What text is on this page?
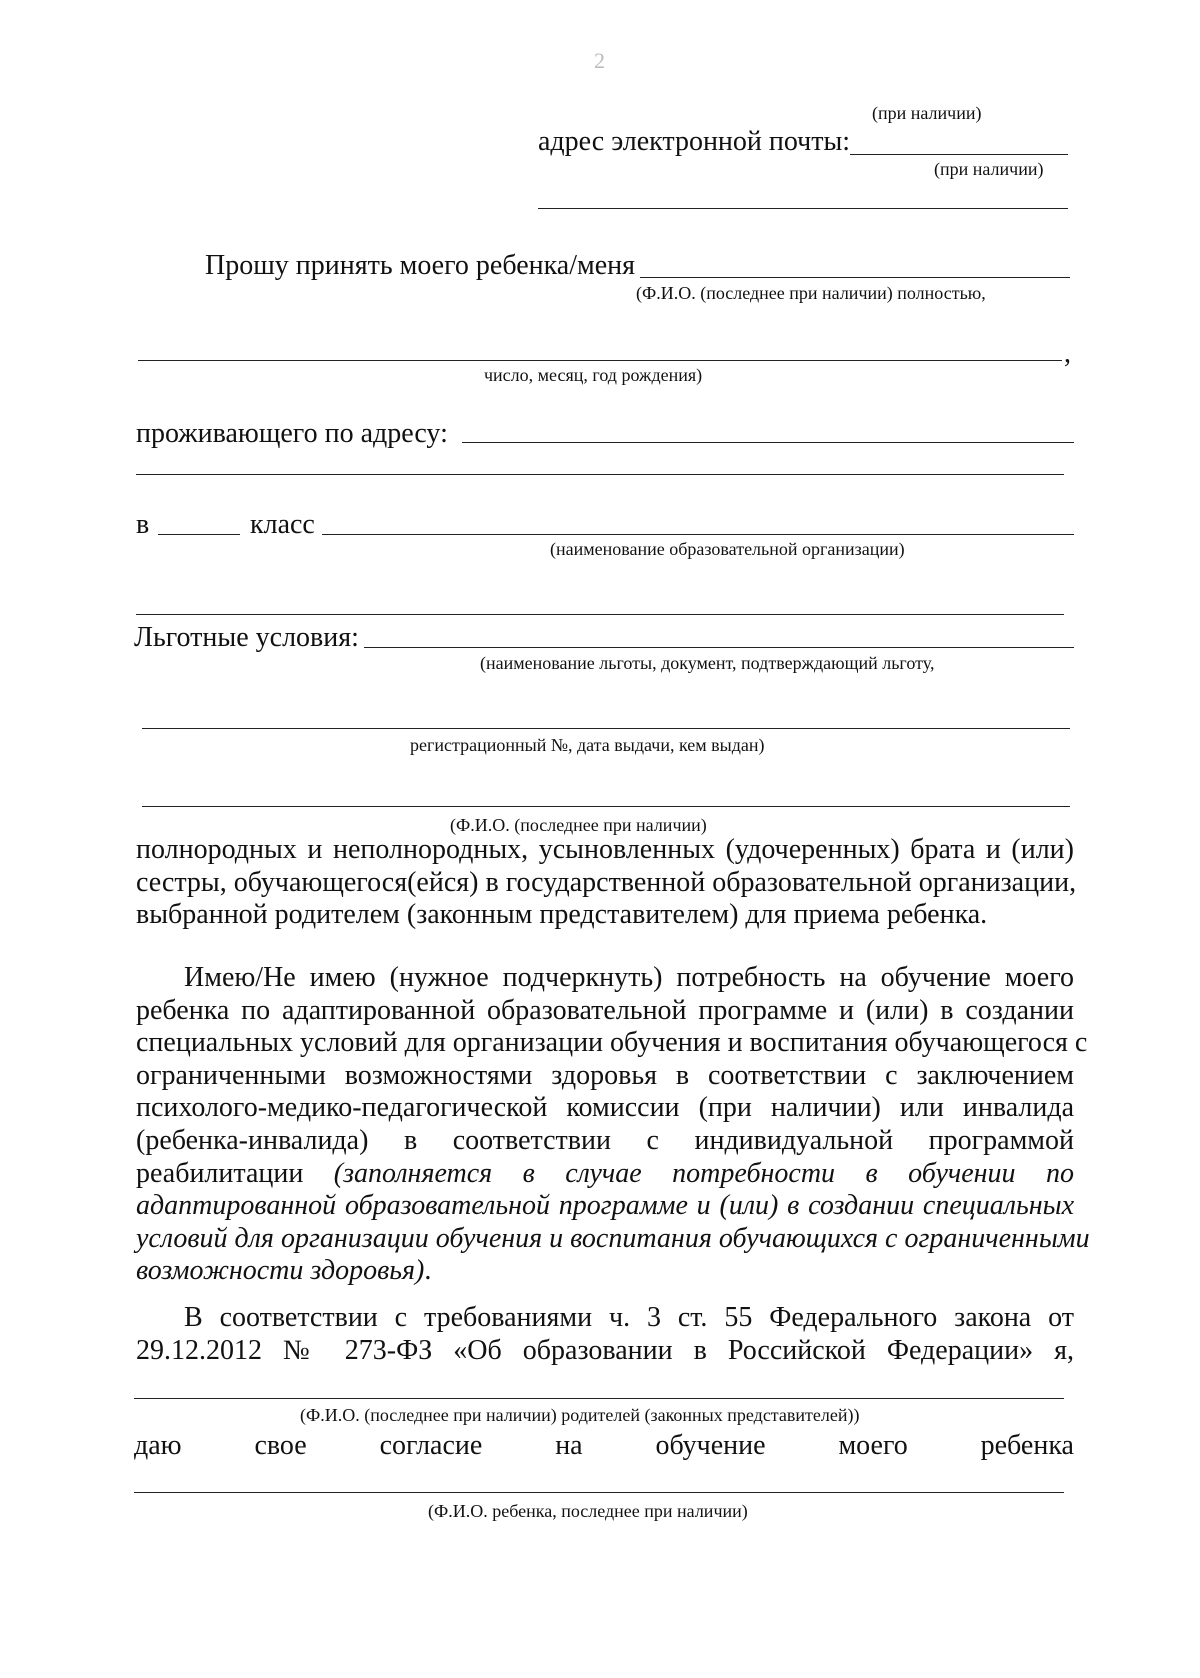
2
(при наличии)
адрес электронной почты:
(при наличии)
Прошу принять моего ребенка/меня
(Ф.И.О. (последнее при наличии) полностью,
,
число, месяц, год рождения)
проживающего по адресу:
в	класс
(наименование образовательной организации)
Льготные условия:
(наименование льготы, документ, подтверждающий льготу,
регистрационный №, дата выдачи, кем выдан)
(Ф.И.О. (последнее при наличии)
полнородных и неполнородных, усыновленных (удочеренных) брата и (или)
сестры, обучающегося(ейся) в государственной образовательной организации,
выбранной родителем (законным представителем) для приема ребенка.
Имею/Не имею (нужное подчеркнуть) потребность на обучение моего
ребенка по адаптированной образовательной программе и (или) в создании
специальных условий для организации обучения и воспитания обучающегося с
ограниченными возможностями здоровья в соответствии с заключением
психолого-медико-педагогической комиссии (при наличии) или инвалида
(ребенка-инвалида) в соответствии с индивидуальной программой
реабилитации (заполняется в случае потребности в обучении по
адаптированной образовательной программе и (или) в создании специальных
условий для организации обучения и воспитания обучающихся с ограниченными
возможности здоровья).
В соответствии с требованиями ч. 3 ст. 55 Федерального закона от
29.12.2012 № 273-ФЗ «Об образовании в Российской Федерации» я,
(Ф.И.О. (последнее при наличии) родителей (законных представителей))
даю	свое	согласие	на	обучение	моего	ребенка
(Ф.И.О. ребенка, последнее при наличии)
